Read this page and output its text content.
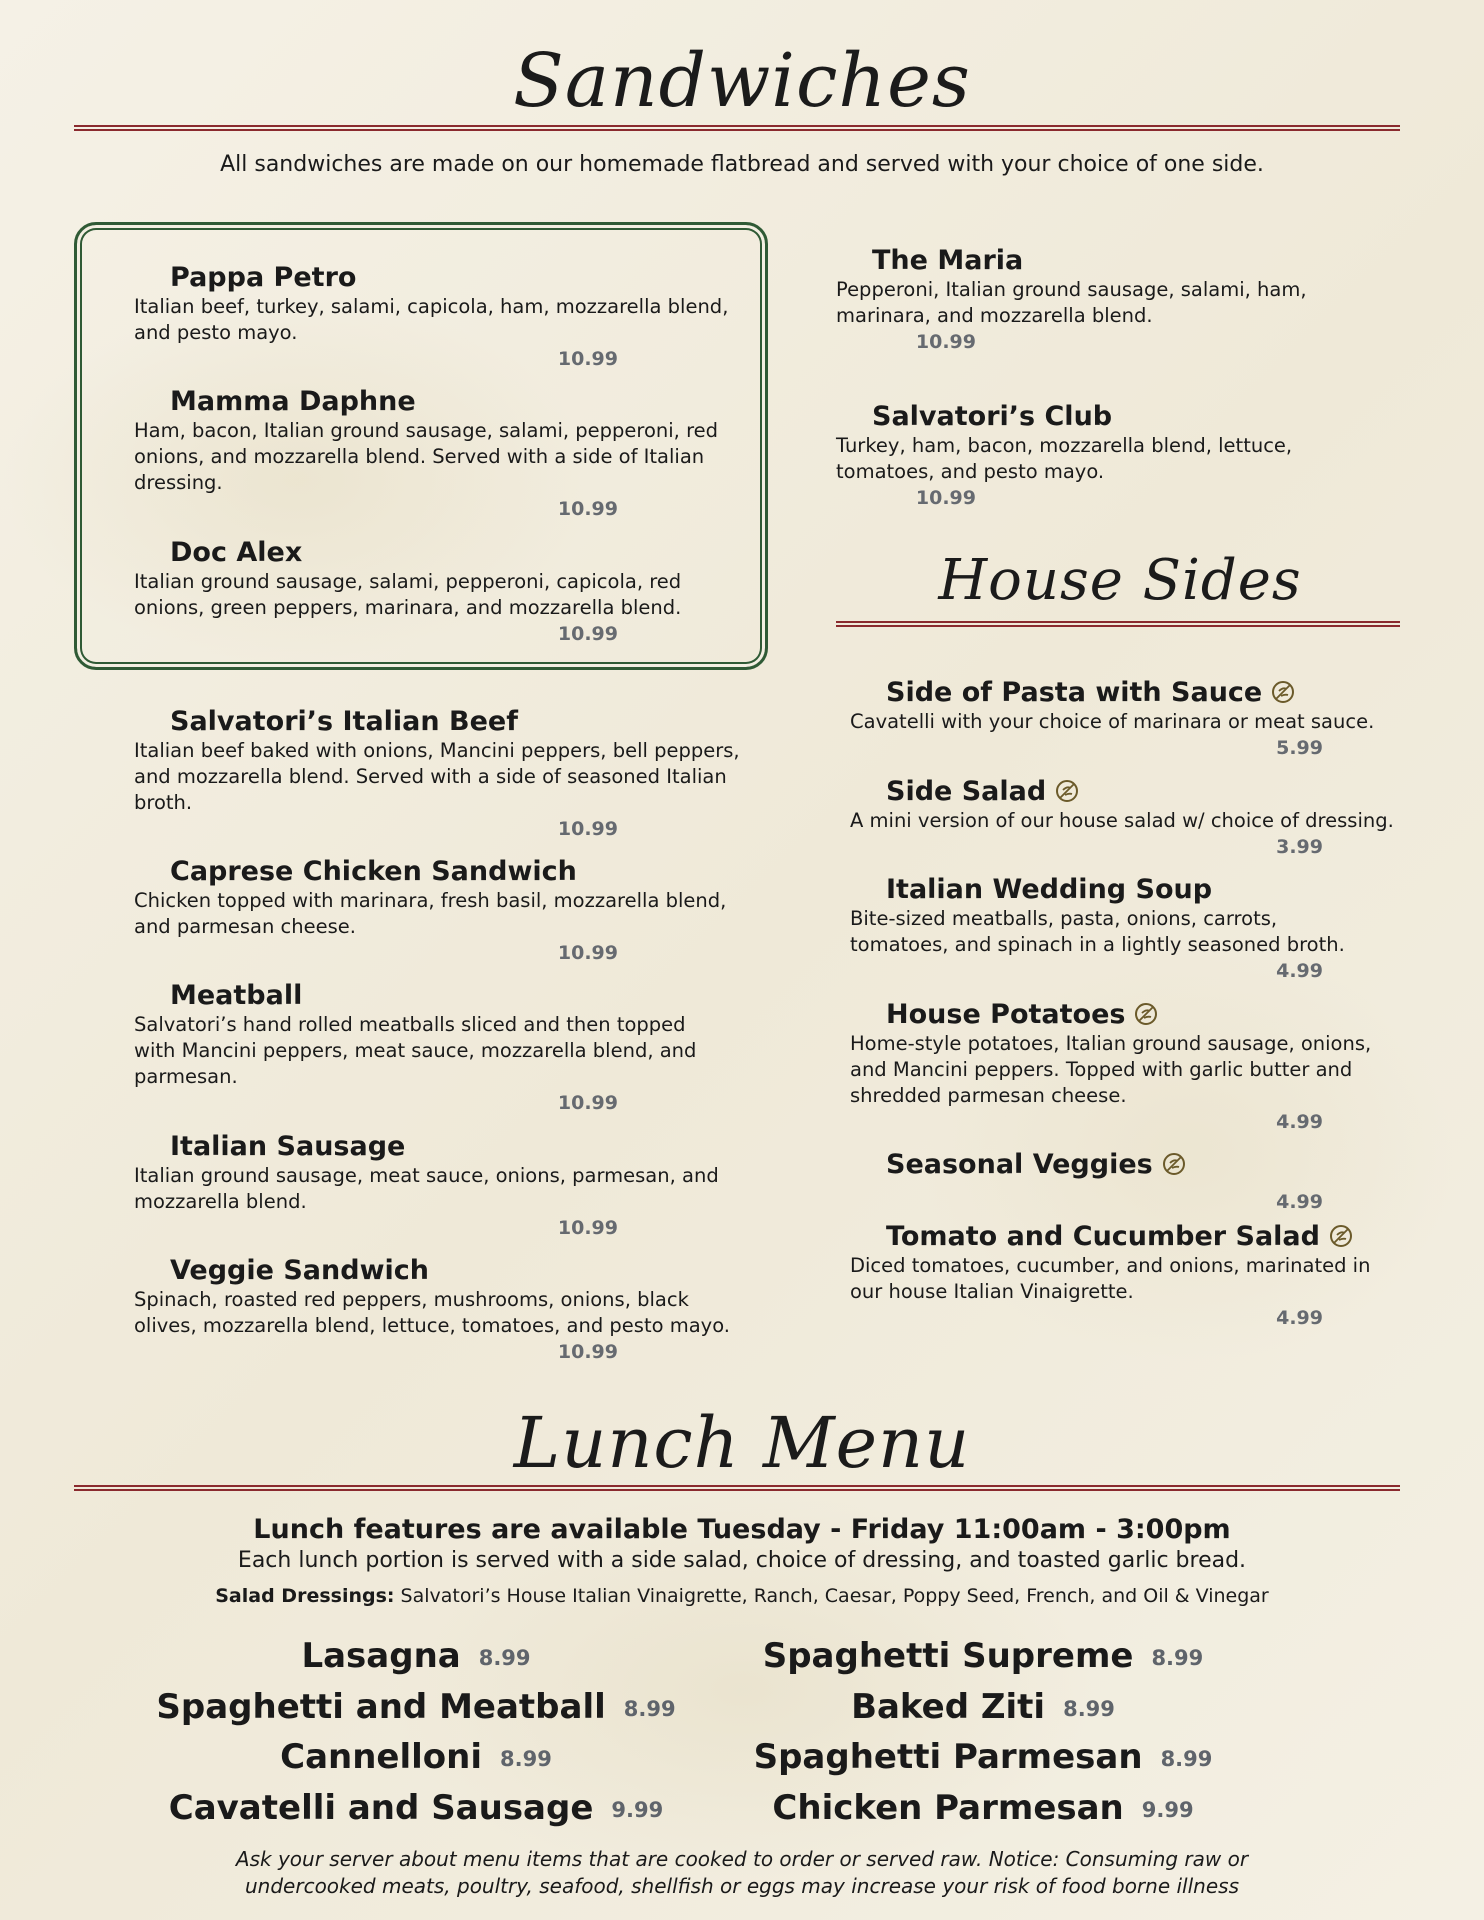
Sandwiches
All sandwiches are made on our homemade flatbread and served with your choice of one side.
Pappa Petro
Italian beef, turkey, salami, capicola, ham, mozzarella blend, and pesto mayo.
10.99
Mamma Daphne
Ham, bacon, Italian ground sausage, salami, pepperoni, red onions, and mozzarella blend. Served with a side of Italian dressing.
10.99
Doc Alex
Italian ground sausage, salami, pepperoni, capicola, red onions, green peppers, marinara, and mozzarella blend.
10.99
Salvatori’s Italian Beef
Italian beef baked with onions, Mancini peppers, bell peppers, and mozzarella blend. Served with a side of seasoned Italian broth.
10.99
Caprese Chicken Sandwich
Chicken topped with marinara, fresh basil, mozzarella blend, and parmesan cheese.
10.99
Meatball
Salvatori’s hand rolled meatballs sliced and then topped with Mancini peppers, meat sauce, mozzarella blend, and parmesan.
10.99
Italian Sausage
Italian ground sausage, meat sauce, onions, parmesan, and mozzarella blend.
10.99
Veggie Sandwich
Spinach, roasted red peppers, mushrooms, onions, black olives, mozzarella blend, lettuce, tomatoes, and pesto mayo.
10.99
The Maria
Pepperoni, Italian ground sausage, salami, ham, marinara, and mozzarella blend.
10.99
Salvatori’s Club
Turkey, ham, bacon, mozzarella blend, lettuce, tomatoes, and pesto mayo.
10.99
House Sides
Side of Pasta with Sauce
Cavatelli with your choice of marinara or meat sauce.
5.99
Side Salad
A mini version of our house salad w/ choice of dressing.
3.99
Italian Wedding Soup
Bite-sized meatballs, pasta, onions, carrots, tomatoes, and spinach in a lightly seasoned broth.
4.99
House Potatoes
Home-style potatoes, Italian ground sausage, onions, and Mancini peppers. Topped with garlic butter and shredded parmesan cheese.
4.99
Seasonal Veggies
4.99
Tomato and Cucumber Salad
Diced tomatoes, cucumber, and onions, marinated in our house Italian Vinaigrette.
4.99
Lunch Menu
Lunch features are available Tuesday - Friday 11:00am - 3:00pm
Each lunch portion is served with a side salad, choice of dressing, and toasted garlic bread.
Salad Dressings: Salvatori’s House Italian Vinaigrette, Ranch, Caesar, Poppy Seed, French, and Oil & Vinegar
Lasagna 8.99
Spaghetti and Meatball 8.99
Cannelloni 8.99
Cavatelli and Sausage 9.99
Spaghetti Supreme 8.99
Baked Ziti 8.99
Spaghetti Parmesan 8.99
Chicken Parmesan 9.99
Ask your server about menu items that are cooked to order or served raw. Notice: Consuming raw or
undercooked meats, poultry, seafood, shellfish or eggs may increase your risk of food borne illness
